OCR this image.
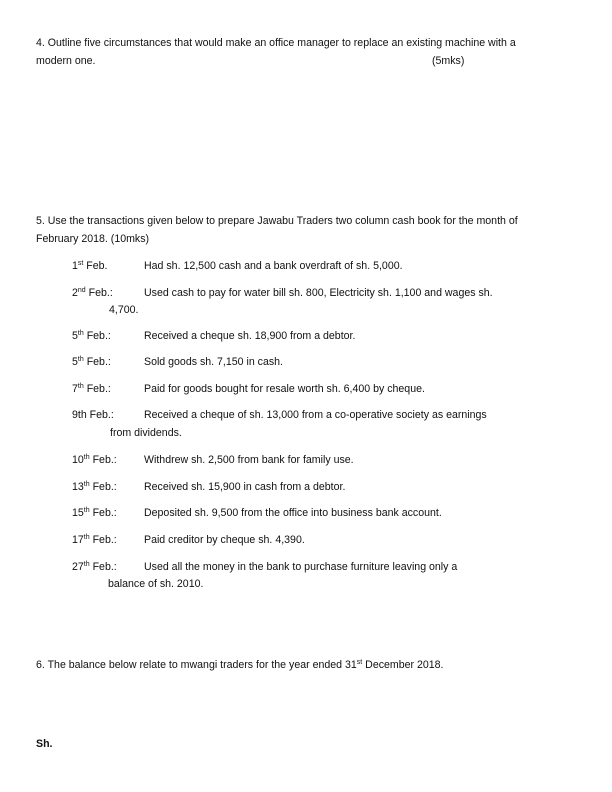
4. Outline five circumstances that would make an office manager to replace an existing machine with a
modern one.	(5mks)
5. Use the transactions given below to prepare Jawabu Traders two column cash book for the month of
February 2018. (10mks)
1st Feb.	Had sh. 12,500 cash and a bank overdraft of sh. 5,000.
2nd Feb.:	Used cash to pay for water bill sh. 800, Electricity sh. 1,100 and wages sh.
4,700.
5th Feb.:	Received a cheque sh. 18,900 from a debtor.
5th Feb.:	Sold goods sh. 7,150 in cash.
7th Feb.:	Paid for goods bought for resale worth sh. 6,400 by cheque.
9th Feb.:	Received a cheque of sh. 13,000 from a co-operative society as earnings
from dividends.
10th Feb.:	Withdrew sh. 2,500 from bank for family use.
13th Feb.:	Received sh. 15,900 in cash from a debtor.
15th Feb.:	Deposited sh. 9,500 from the office into business bank account.
17th Feb.:	Paid creditor by cheque sh. 4,390.
27th Feb.:	Used all the money in the bank to purchase furniture leaving only a
balance of sh. 2010.
6. The balance below relate to mwangi traders for the year ended 31st December 2018.
Sh.
